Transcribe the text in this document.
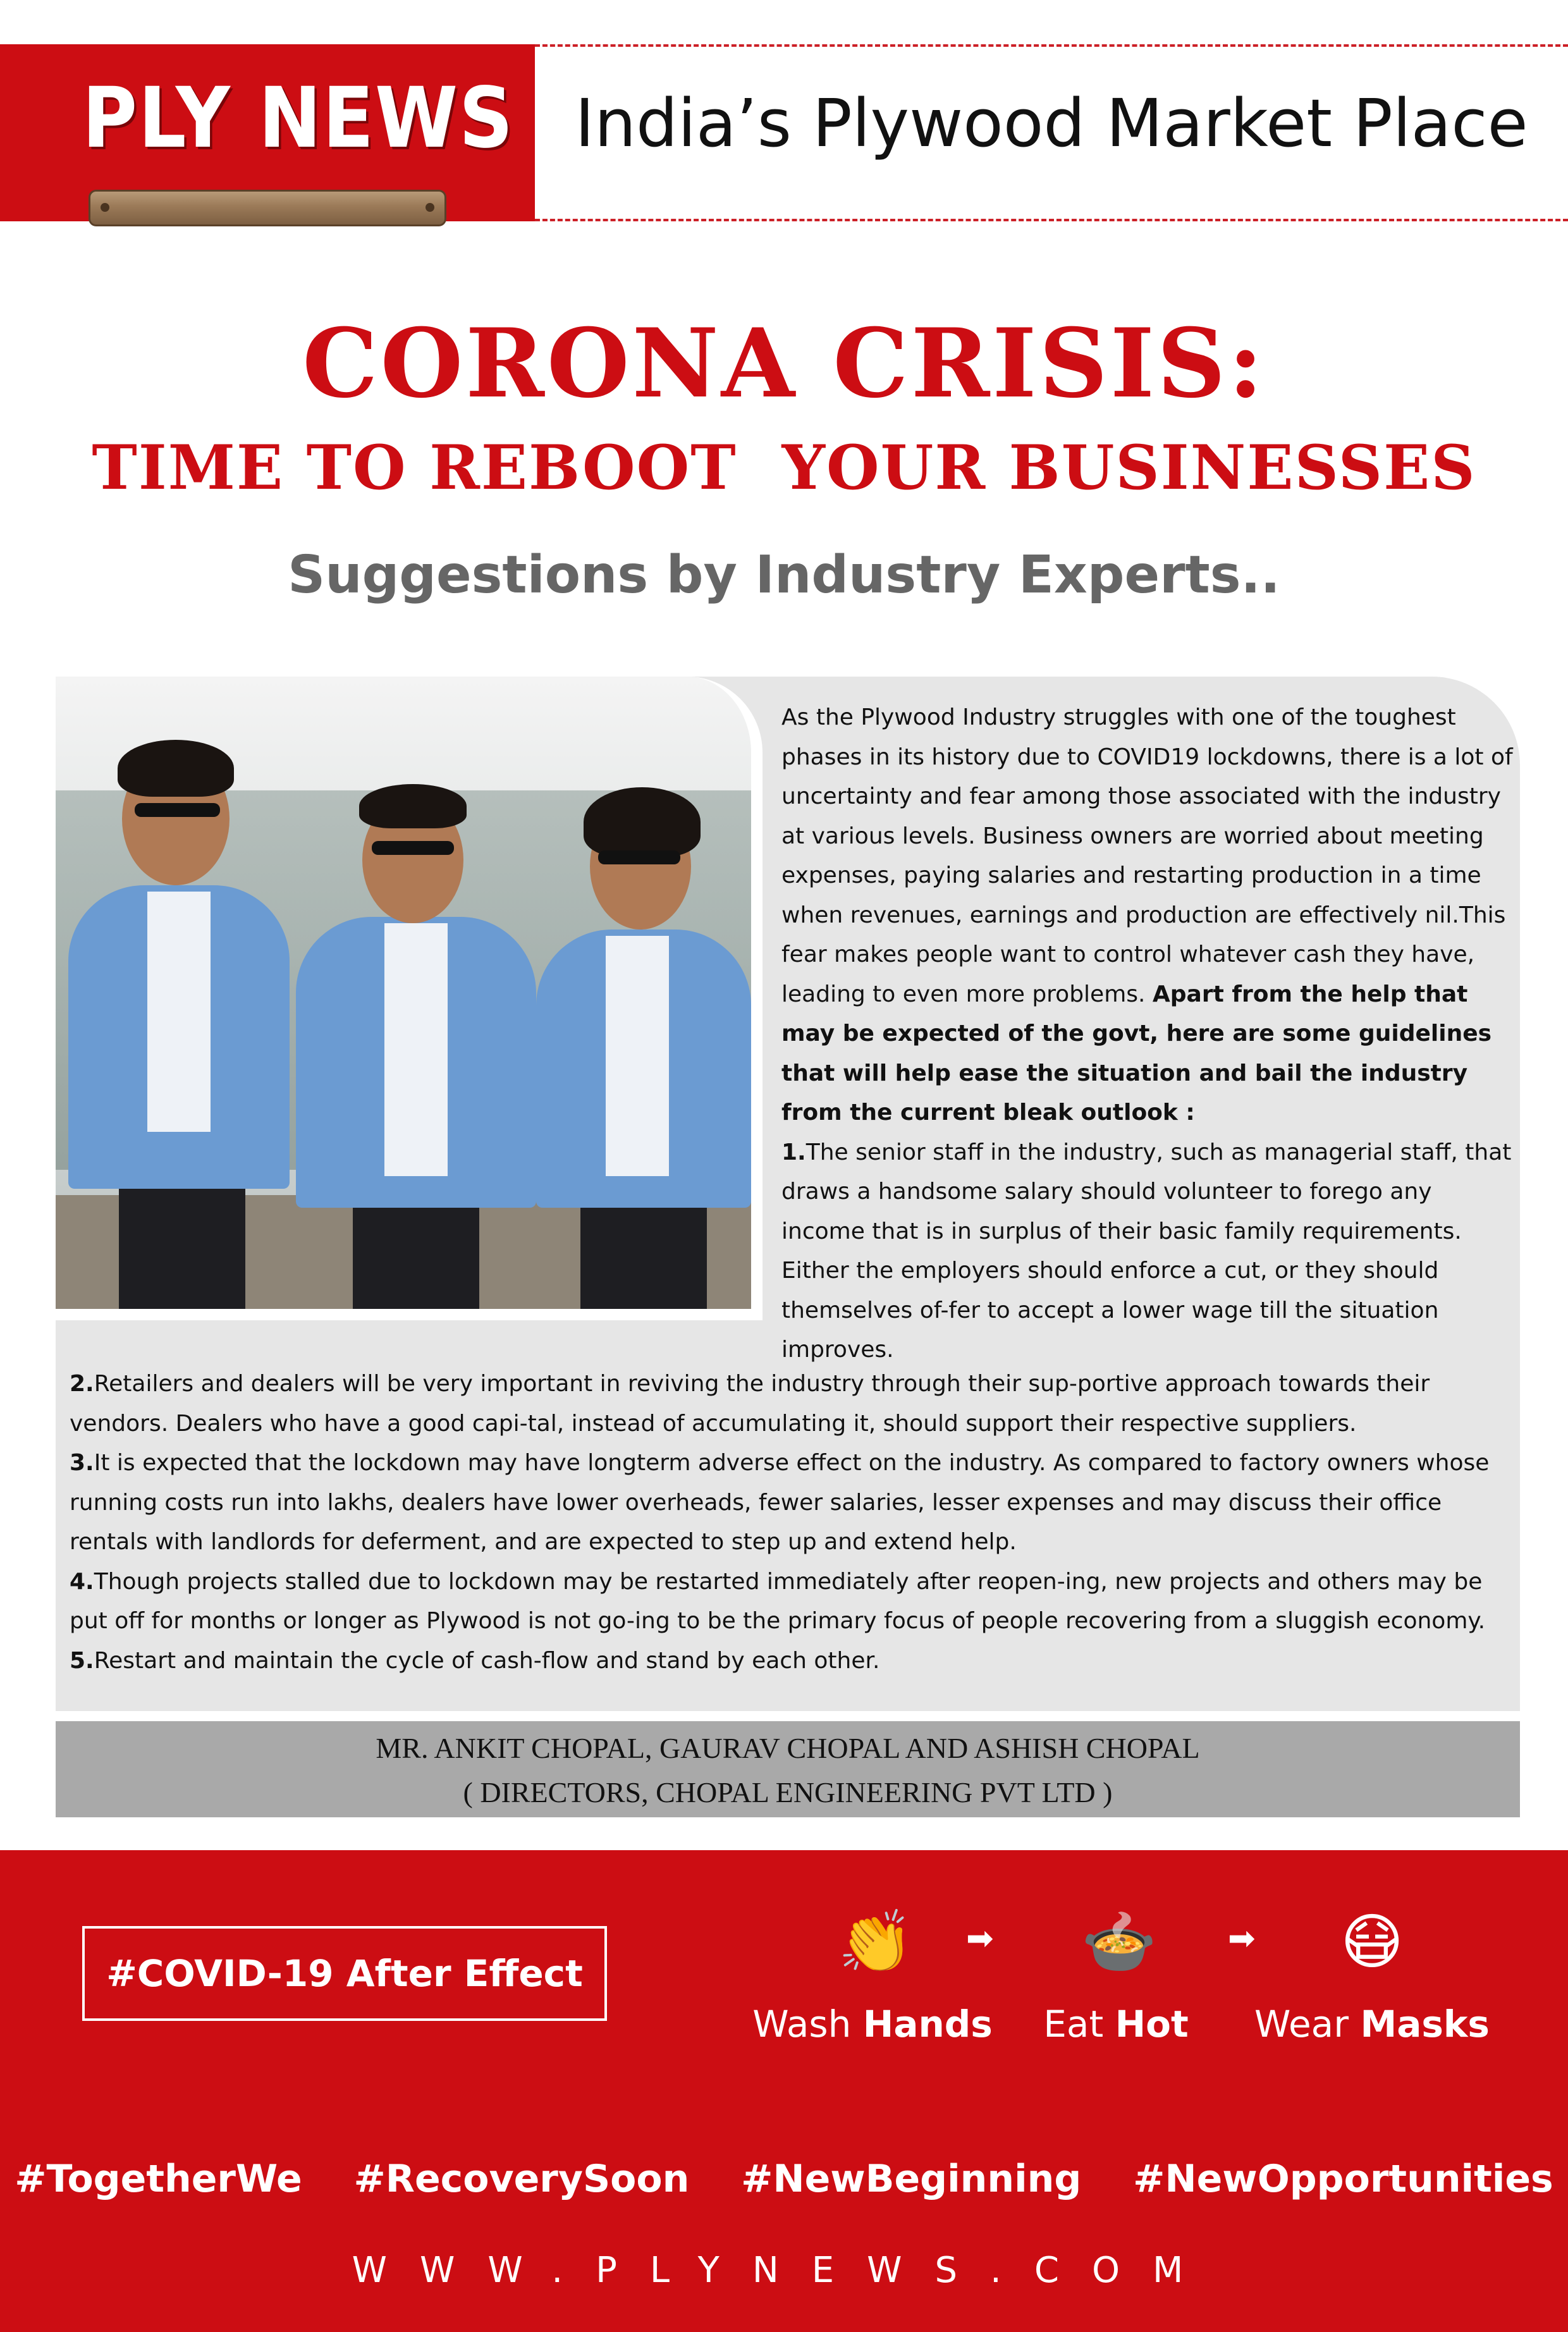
PLY NEWS India’s Plywood Market Place
CORONA CRISIS:
TIME TO REBOOT  YOUR BUSINESSES
Suggestions by Industry Experts..

As the Plywood Industry struggles with one of the toughest phases in its history due to COVID19 lockdowns, there is a lot of uncertainty and fear among those associated with the industry at various levels. Business owners are worried about meeting expenses, paying salaries and restarting production in a time when revenues, earnings and production are effectively nil.This fear makes people want to control whatever cash they have, leading to even more problems. Apart from the help that may be expected of the govt, here are some guidelines that will help ease the situation and bail the industry from the current bleak outlook :

1.The senior staff in the industry, such as managerial staff, that draws a handsome salary should volunteer to forego any income that is in surplus of their basic family requirements. Either the employers should enforce a cut, or they should themselves of-fer to accept a lower wage till the situation improves.

2.Retailers and dealers will be very important in reviving the industry through their sup-portive approach towards their vendors. Dealers who have a good capi-tal, instead of accumulating it, should support their respective suppliers.

3.It is expected that the lockdown may have longterm adverse effect on the industry. As compared to factory owners whose running costs run into lakhs, dealers have lower overheads, fewer salaries, lesser expenses and may discuss their office rentals with landlords for deferment, and are expected to step up and extend help.

4.Though projects stalled due to lockdown may be restarted immediately after reopen-ing, new projects and others may be put off for months or longer as Plywood is not go-ing to be the primary focus of people recovering from a sluggish economy.

5.Restart and maintain the cycle of cash-flow and stand by each other.

MR. ANKIT CHOPAL, GAURAV CHOPAL AND ASHISH CHOPAL
( DIRECTORS, CHOPAL ENGINEERING PVT LTD )
#COVID-19 After Effect	👏
Wash Hands
➡ 🍲
Eat Hot
➡ 😷
Wear Masks
#TogetherWe  #RecoverySoon  #NewBeginning  #NewOpportunities
WWW.PLYNEWS.COM
